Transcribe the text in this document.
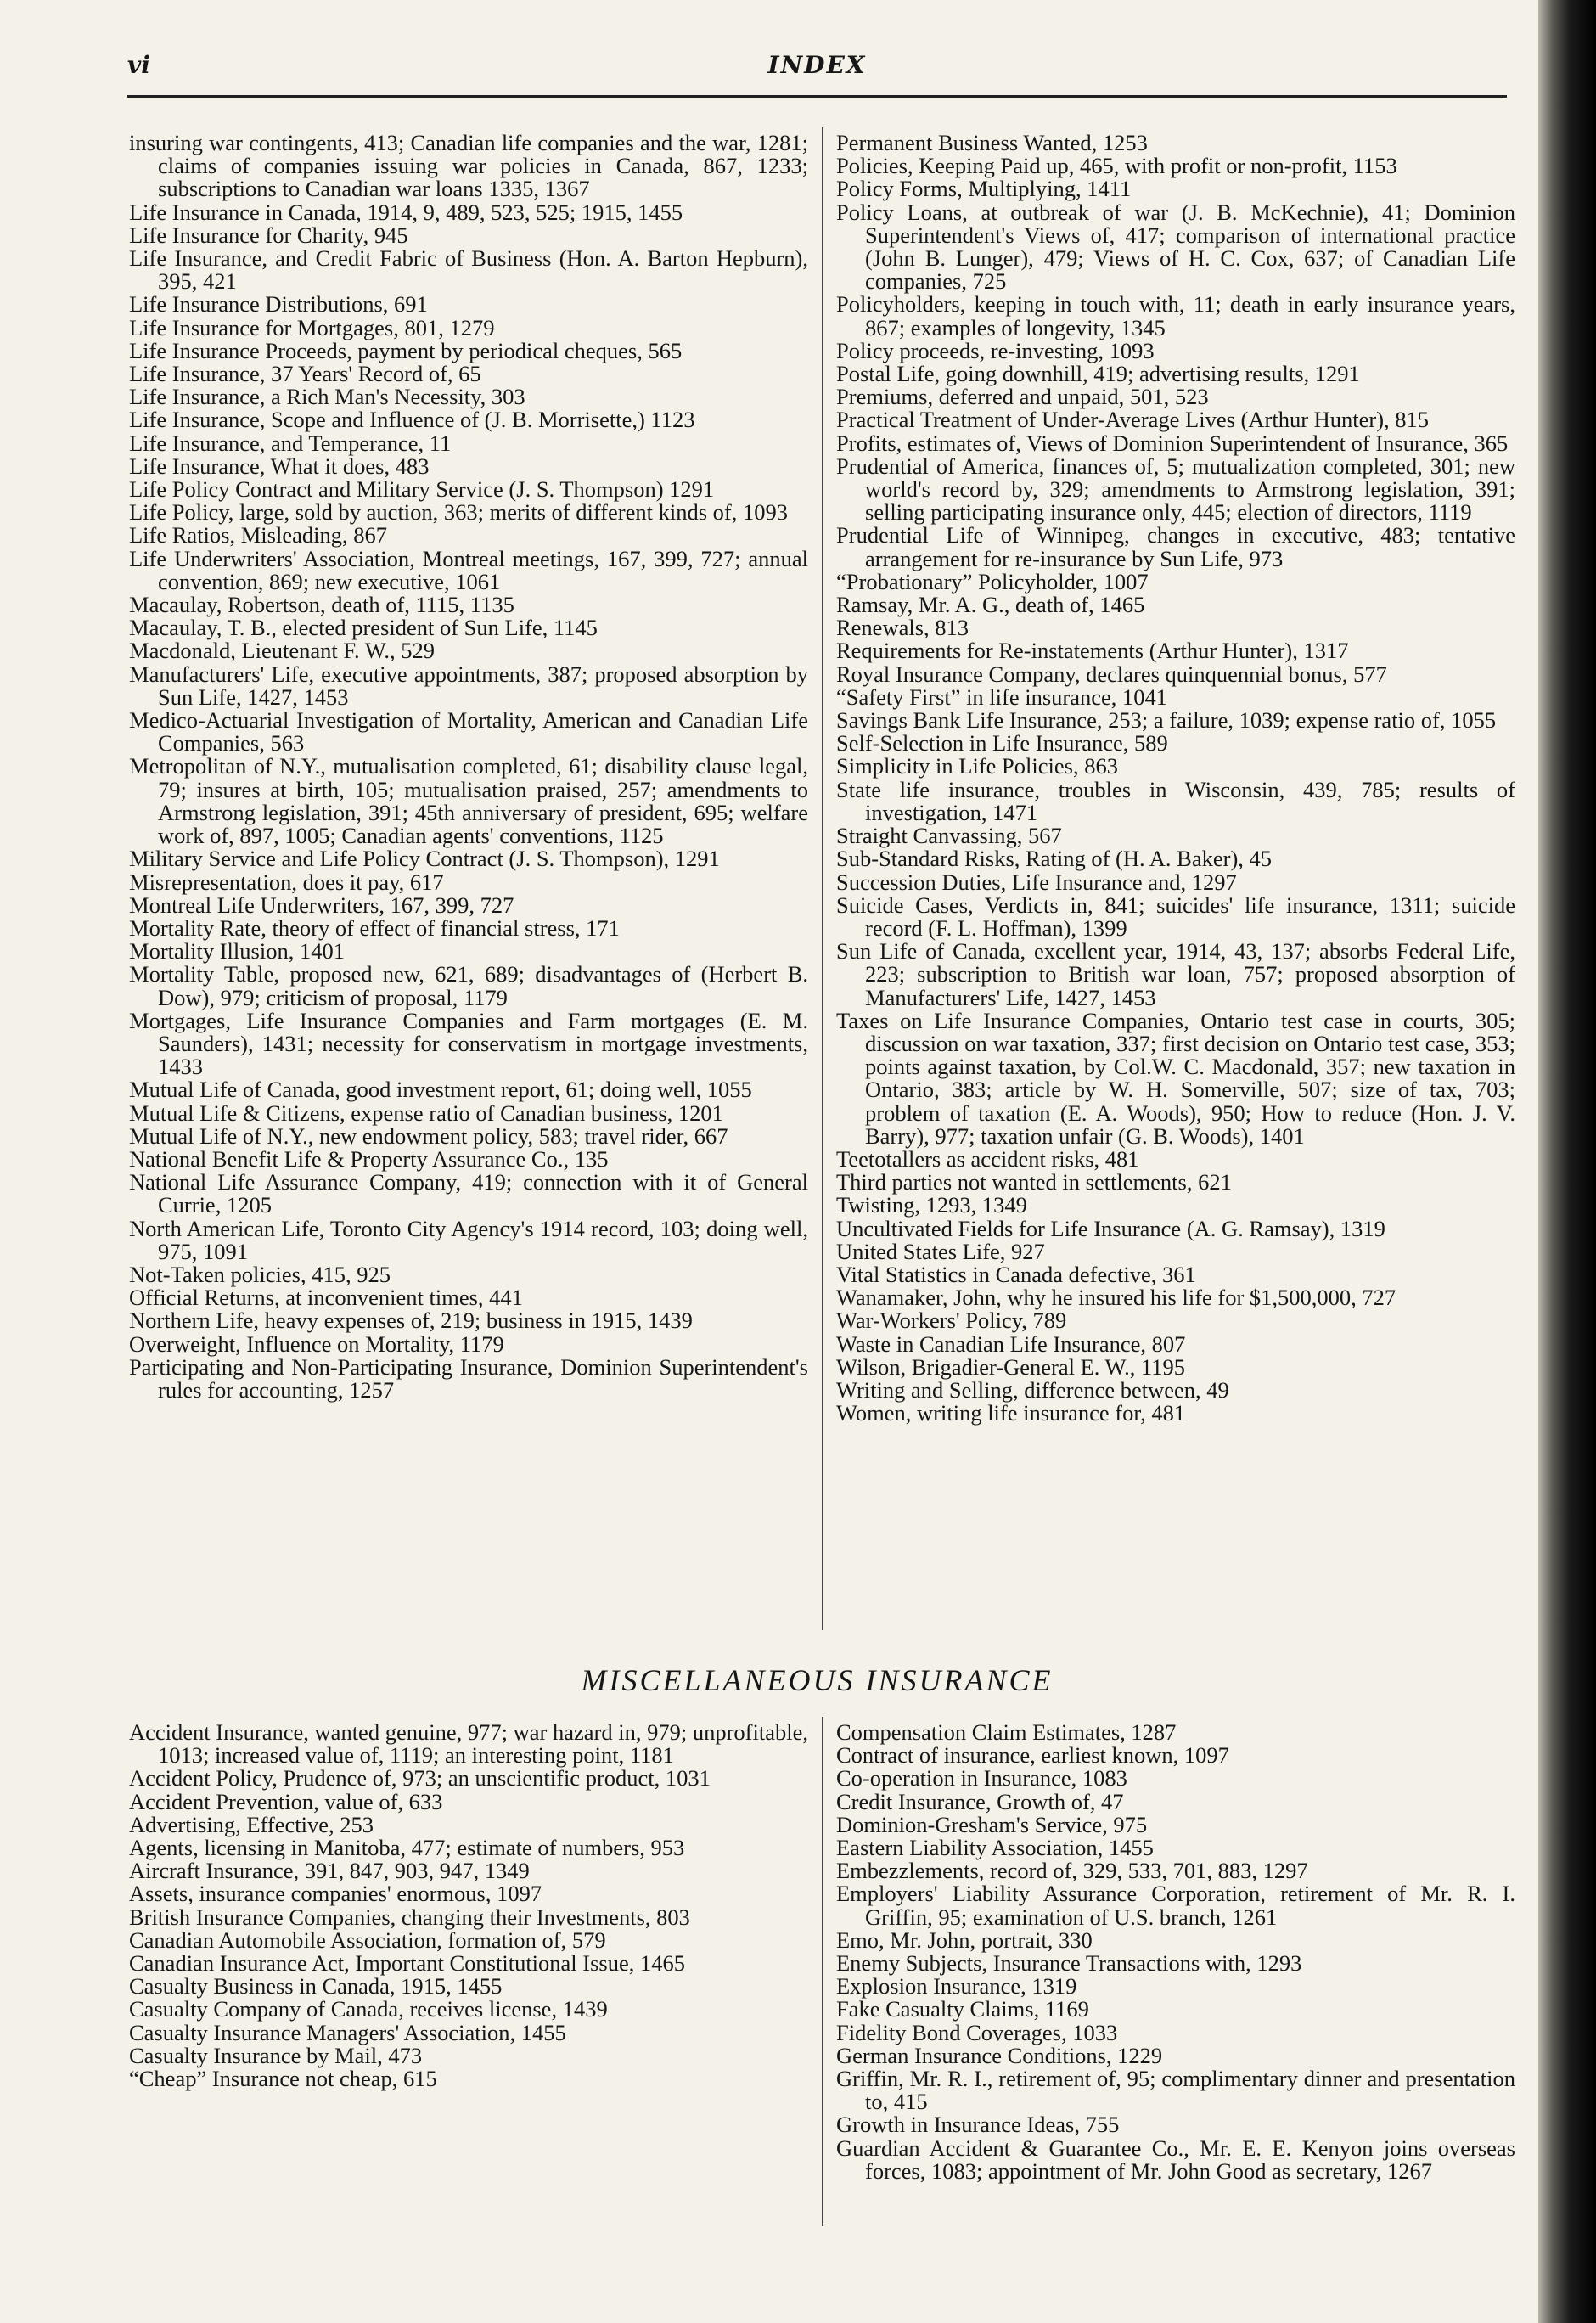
vi	INDEX

insuring war contingents, 413; Canadian life companies and the war, 1281; claims of companies issuing war policies in Canada, 867, 1233; subscriptions to Canadian war loans 1335, 1367

Life Insurance in Canada, 1914, 9, 489, 523, 525; 1915, 1455

Life Insurance for Charity, 945

Life Insurance, and Credit Fabric of Business (Hon. A. Barton Hepburn), 395, 421

Life Insurance Distributions, 691

Life Insurance for Mortgages, 801, 1279

Life Insurance Proceeds, payment by periodical cheques, 565

Life Insurance, 37 Years' Record of, 65

Life Insurance, a Rich Man's Necessity, 303

Life Insurance, Scope and Influence of (J. B. Morrisette,) 1123

Life Insurance, and Temperance, 11

Life Insurance, What it does, 483

Life Policy Contract and Military Service (J. S. Thompson) 1291

Life Policy, large, sold by auction, 363; merits of different kinds of, 1093

Life Ratios, Misleading, 867

Life Underwriters' Association, Montreal meetings, 167, 399, 727; annual convention, 869; new executive, 1061

Macaulay, Robertson, death of, 1115, 1135

Macaulay, T. B., elected president of Sun Life, 1145

Macdonald, Lieutenant F. W., 529

Manufacturers' Life, executive appointments, 387; proposed absorption by Sun Life, 1427, 1453

Medico-Actuarial Investigation of Mortality, American and Canadian Life Companies, 563

Metropolitan of N.Y., mutualisation completed, 61; disability clause legal, 79; insures at birth, 105; mutualisation praised, 257; amendments to Armstrong legislation, 391; 45th anniversary of president, 695; welfare work of, 897, 1005; Canadian agents' conventions, 1125

Military Service and Life Policy Contract (J. S. Thompson), 1291

Misrepresentation, does it pay, 617

Montreal Life Underwriters, 167, 399, 727

Mortality Rate, theory of effect of financial stress, 171

Mortality Illusion, 1401

Mortality Table, proposed new, 621, 689; disadvantages of (Herbert B. Dow), 979; criticism of proposal, 1179

Mortgages, Life Insurance Companies and Farm mortgages (E. M. Saunders), 1431; necessity for conservatism in mortgage investments, 1433

Mutual Life of Canada, good investment report, 61; doing well, 1055

Mutual Life & Citizens, expense ratio of Canadian business, 1201

Mutual Life of N.Y., new endowment policy, 583; travel rider, 667

National Benefit Life & Property Assurance Co., 135

National Life Assurance Company, 419; connection with it of General Currie, 1205

North American Life, Toronto City Agency's 1914 record, 103; doing well, 975, 1091

Not-Taken policies, 415, 925

Official Returns, at inconvenient times, 441

Northern Life, heavy expenses of, 219; business in 1915, 1439

Overweight, Influence on Mortality, 1179

Participating and Non-Participating Insurance, Dominion Superintendent's rules for accounting, 1257

Permanent Business Wanted, 1253

Policies, Keeping Paid up, 465, with profit or non-profit, 1153

Policy Forms, Multiplying, 1411

Policy Loans, at outbreak of war (J. B. McKechnie), 41; Dominion Superintendent's Views of, 417; comparison of international practice (John B. Lunger), 479; Views of H. C. Cox, 637; of Canadian Life companies, 725

Policyholders, keeping in touch with, 11; death in early insurance years, 867; examples of longevity, 1345

Policy proceeds, re-investing, 1093

Postal Life, going downhill, 419; advertising results, 1291

Premiums, deferred and unpaid, 501, 523

Practical Treatment of Under-Average Lives (Arthur Hunter), 815

Profits, estimates of, Views of Dominion Superintendent of Insurance, 365

Prudential of America, finances of, 5; mutualization completed, 301; new world's record by, 329; amendments to Armstrong legislation, 391; selling participating insurance only, 445; election of directors, 1119

Prudential Life of Winnipeg, changes in executive, 483; tentative arrangement for re-insurance by Sun Life, 973

“Probationary” Policyholder, 1007

Ramsay, Mr. A. G., death of, 1465

Renewals, 813

Requirements for Re-instatements (Arthur Hunter), 1317

Royal Insurance Company, declares quinquennial bonus, 577

“Safety First” in life insurance, 1041

Savings Bank Life Insurance, 253; a failure, 1039; expense ratio of, 1055

Self-Selection in Life Insurance, 589

Simplicity in Life Policies, 863

State life insurance, troubles in Wisconsin, 439, 785; results of investigation, 1471

Straight Canvassing, 567

Sub-Standard Risks, Rating of (H. A. Baker), 45

Succession Duties, Life Insurance and, 1297

Suicide Cases, Verdicts in, 841; suicides' life insurance, 1311; suicide record (F. L. Hoffman), 1399

Sun Life of Canada, excellent year, 1914, 43, 137; absorbs Federal Life, 223; subscription to British war loan, 757; proposed absorption of Manufacturers' Life, 1427, 1453

Taxes on Life Insurance Companies, Ontario test case in courts, 305; discussion on war taxation, 337; first decision on Ontario test case, 353; points against taxation, by Col.W. C. Macdonald, 357; new taxation in Ontario, 383; article by W. H. Somerville, 507; size of tax, 703; problem of taxation (E. A. Woods), 950; How to reduce (Hon. J. V. Barry), 977; taxation unfair (G. B. Woods), 1401

Teetotallers as accident risks, 481

Third parties not wanted in settlements, 621

Twisting, 1293, 1349

Uncultivated Fields for Life Insurance (A. G. Ramsay), 1319

United States Life, 927

Vital Statistics in Canada defective, 361

Wanamaker, John, why he insured his life for $1,500,000, 727

War-Workers' Policy, 789

Waste in Canadian Life Insurance, 807

Wilson, Brigadier-General E. W., 1195

Writing and Selling, difference between, 49

Women, writing life insurance for, 481

MISCELLANEOUS INSURANCE

Accident Insurance, wanted genuine, 977; war hazard in, 979; unprofitable, 1013; increased value of, 1119; an interesting point, 1181

Accident Policy, Prudence of, 973; an unscientific product, 1031

Accident Prevention, value of, 633

Advertising, Effective, 253

Agents, licensing in Manitoba, 477; estimate of numbers, 953

Aircraft Insurance, 391, 847, 903, 947, 1349

Assets, insurance companies' enormous, 1097

British Insurance Companies, changing their Investments, 803

Canadian Automobile Association, formation of, 579

Canadian Insurance Act, Important Constitutional Issue, 1465

Casualty Business in Canada, 1915, 1455

Casualty Company of Canada, receives license, 1439

Casualty Insurance Managers' Association, 1455

Casualty Insurance by Mail, 473

“Cheap” Insurance not cheap, 615

Compensation Claim Estimates, 1287

Contract of insurance, earliest known, 1097

Co-operation in Insurance, 1083

Credit Insurance, Growth of, 47

Dominion-Gresham's Service, 975

Eastern Liability Association, 1455

Embezzlements, record of, 329, 533, 701, 883, 1297

Employers' Liability Assurance Corporation, retirement of Mr. R. I. Griffin, 95; examination of U.S. branch, 1261

Emo, Mr. John, portrait, 330

Enemy Subjects, Insurance Transactions with, 1293

Explosion Insurance, 1319

Fake Casualty Claims, 1169

Fidelity Bond Coverages, 1033

German Insurance Conditions, 1229

Griffin, Mr. R. I., retirement of, 95; complimentary dinner and presentation to, 415

Growth in Insurance Ideas, 755

Guardian Accident & Guarantee Co., Mr. E. E. Kenyon joins overseas forces, 1083; appointment of Mr. John Good as secretary, 1267
